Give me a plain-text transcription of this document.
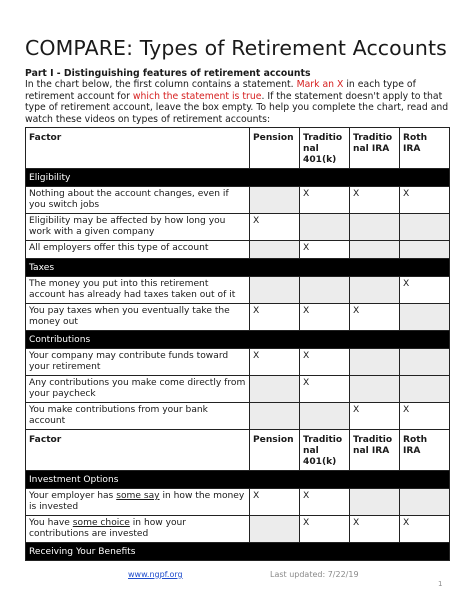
COMPARE: Types of Retirement Accounts
Part I - Distinguishing features of retirement accounts
In the chart below, the first column contains a statement. Mark an X in each type of retirement account for which the statement is true. If the statement doesn't apply to that type of retirement account, leave the box empty. To help you complete the chart, read and watch these videos on types of retirement accounts:
Factor	Pension	Traditio nal 401(k)	Traditio nal IRA	Roth IRA
Eligibility				
Nothing about the account changes, even if you switch jobs		X	X	X
Eligibility may be affected by how long you work with a given company	X			
All employers offer this type of account		X		
Taxes				
The money you put into this retirement account has already had taxes taken out of it				X
You pay taxes when you eventually take the money out	X	X	X	
Contributions				
Your company may contribute funds toward your retirement	X	X		
Any contributions you make come directly from your paycheck		X		
You make contributions from your bank account			X	X
Factor	Pension	Traditio nal 401(k)	Traditio nal IRA	Roth IRA
Investment Options				
Your employer has some say in how the money is invested	X	X		
You have some choice in how your contributions are invested		X	X	X
Receiving Your Benefits				
www.ngpf.org	Last updated: 7/22/19
1
